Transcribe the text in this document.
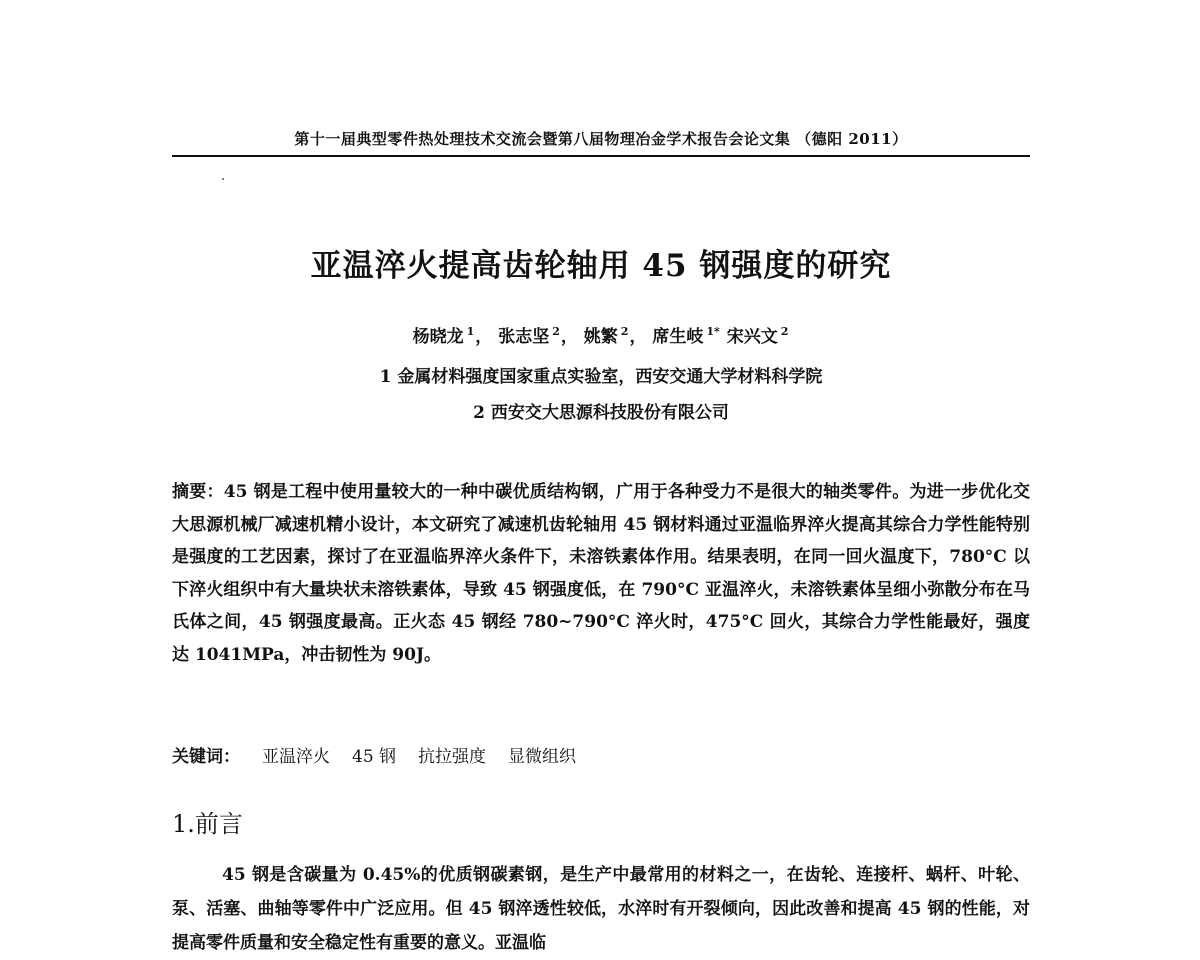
第十一届典型零件热处理技术交流会暨第八届物理冶金学术报告会论文集 （德阳 2011）
亚温淬火提高齿轮轴用 45 钢强度的研究
杨晓龙 $^1$， 张志坚 $^2$， 姚繁 $^2$， 席生岐 $^{1*}$ 宋兴文 $^2$
1 金属材料强度国家重点实验室，西安交通大学材料科学院
2 西安交大思源科技股份有限公司
摘要：45 钢是工程中使用量较大的一种中碳优质结构钢，广用于各种受力不是很大的轴类零件。为进一步优化交大思源机械厂减速机精小设计，本文研究了减速机齿轮轴用 45 钢材料通过亚温临界淬火提高其综合力学性能特别是强度的工艺因素，探讨了在亚温临界淬火条件下，未溶铁素体作用。结果表明，在同一回火温度下，780°C 以下淬火组织中有大量块状未溶铁素体，导致 45 钢强度低，在 790°C 亚温淬火，未溶铁素体呈细小弥散分布在马氏体之间，45 钢强度最高。正火态 45 钢经 780~790°C 淬火时，475°C 回火，其综合力学性能最好，强度达 1041MPa，冲击韧性为 90J。
关键词： 亚温淬火 45 钢 抗拉强度 显微组织
1.前言
45 钢是含碳量为 0.45%的优质钢碳素钢，是生产中最常用的材料之一，在齿轮、连接杆、蜗杆、叶轮、泵、活塞、曲轴等零件中广泛应用。但 45 钢淬透性较低，水淬时有开裂倾向，因此改善和提高 45 钢的性能，对提高零件质量和安全稳定性有重要的意义。亚温临
